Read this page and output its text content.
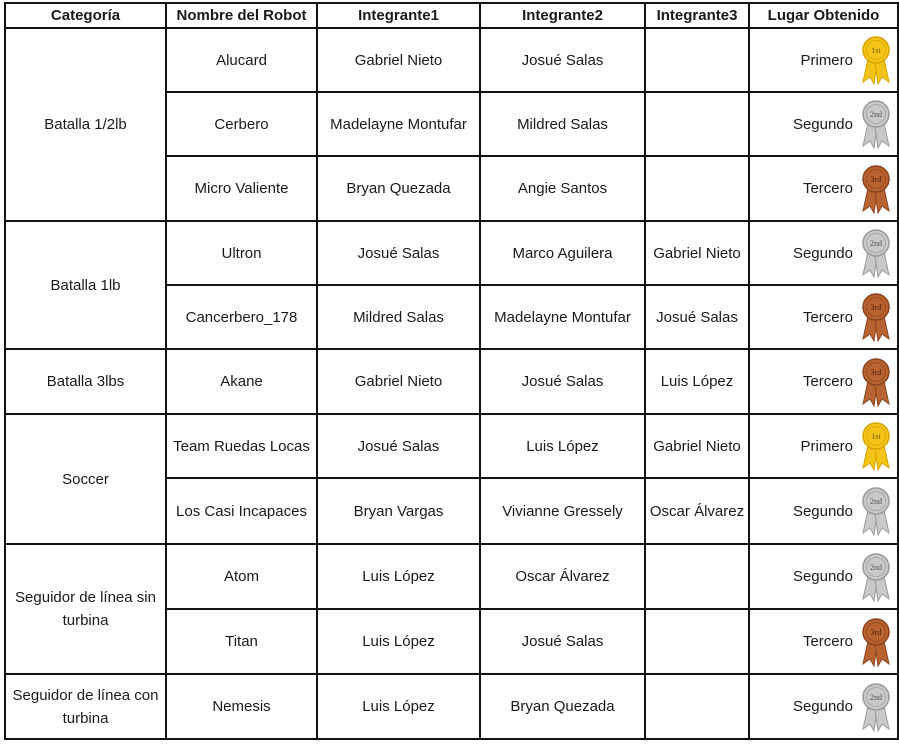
Categoría	Nombre del Robot	Integrante1	Integrante2	Integrante3	Lugar Obtenido
Batalla 1/2lb	Alucard	Gabriel Nieto	Josué Salas		Primero
1st

	Cerbero	Madelayne Montufar	Mildred Salas		Segundo
2nd

	Micro Valiente	Bryan Quezada	Angie Santos		Tercero
3rd

Batalla 1lb	Ultron	Josué Salas	Marco Aguilera	Gabriel Nieto	Segundo
2nd

	Cancerbero_178	Mildred Salas	Madelayne Montufar	Josué Salas	Tercero
3rd

Batalla 3lbs	Akane	Gabriel Nieto	Josué Salas	Luis López	Tercero
3rd

Soccer	Team Ruedas Locas	Josué Salas	Luis López	Gabriel Nieto	Primero
1st

	Los Casi Incapaces	Bryan Vargas	Vivianne Gressely	Oscar Álvarez	Segundo
2nd

Seguidor de línea sin turbina	Atom	Luis López	Oscar Álvarez		Segundo
2nd

	Titan	Luis López	Josué Salas		Tercero
3rd

Seguidor de línea con turbina	Nemesis	Luis López	Bryan Quezada		Segundo
2nd
